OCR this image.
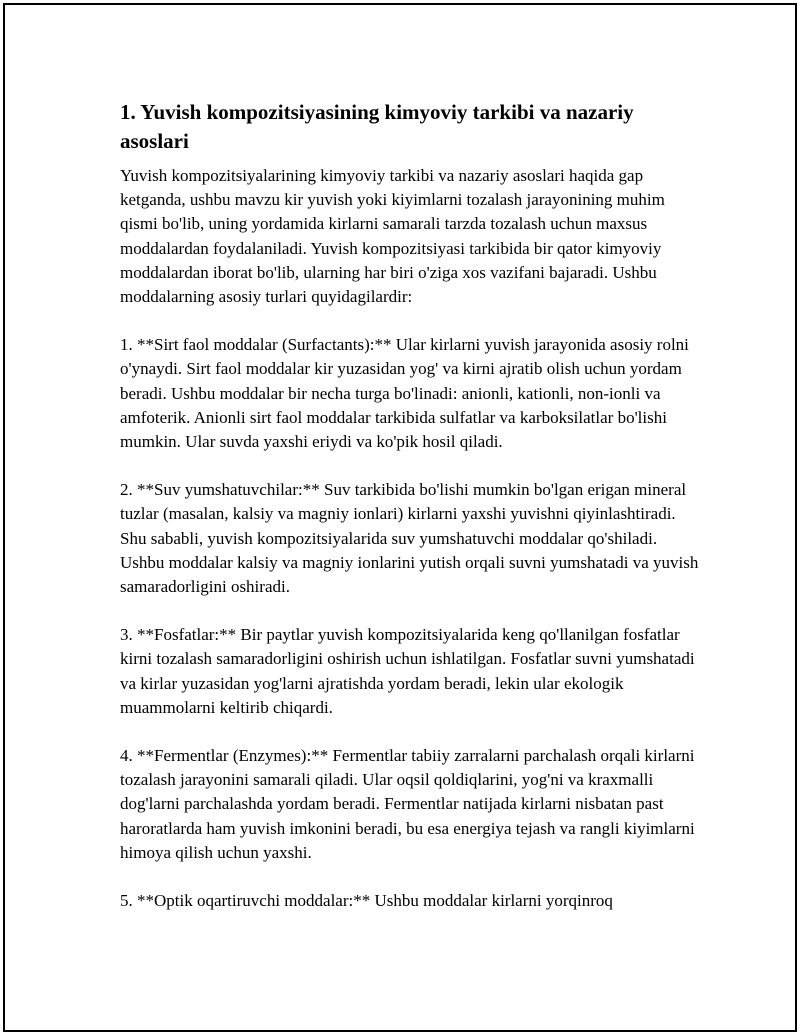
1. Yuvish kompozitsiyasining kimyoviy tarkibi va nazariy asoslari

Yuvish kompozitsiyalarining kimyoviy tarkibi va nazariy asoslari haqida gap ketganda, ushbu mavzu kir yuvish yoki kiyimlarni tozalash jarayonining muhim qismi bo'lib, uning yordamida kirlarni samarali tarzda tozalash uchun maxsus moddalardan foydalaniladi. Yuvish kompozitsiyasi tarkibida bir qator kimyoviy moddalardan iborat bo'lib, ularning har biri o'ziga xos vazifani bajaradi. Ushbu moddalarning asosiy turlari quyidagilardir:

1. **Sirt faol moddalar (Surfactants):** Ular kirlarni yuvish jarayonida asosiy rolni o'ynaydi. Sirt faol moddalar kir yuzasidan yog' va kirni ajratib olish uchun yordam beradi. Ushbu moddalar bir necha turga bo'linadi: anionli, kationli, non-ionli va amfoterik. Anionli sirt faol moddalar tarkibida sulfatlar va karboksilatlar bo'lishi mumkin. Ular suvda yaxshi eriydi va ko'pik hosil qiladi.

2. **Suv yumshatuvchilar:** Suv tarkibida bo'lishi mumkin bo'lgan erigan mineral tuzlar (masalan, kalsiy va magniy ionlari) kirlarni yaxshi yuvishni qiyinlashtiradi. Shu sababli, yuvish kompozitsiyalarida suv yumshatuvchi moddalar qo'shiladi. Ushbu moddalar kalsiy va magniy ionlarini yutish orqali suvni yumshatadi va yuvish samaradorligini oshiradi.

3. **Fosfatlar:** Bir paytlar yuvish kompozitsiyalarida keng qo'llanilgan fosfatlar kirni tozalash samaradorligini oshirish uchun ishlatilgan. Fosfatlar suvni yumshatadi va kirlar yuzasidan yog'larni ajratishda yordam beradi, lekin ular ekologik muammolarni keltirib chiqardi.

4. **Fermentlar (Enzymes):** Fermentlar tabiiy zarralarni parchalash orqali kirlarni tozalash jarayonini samarali qiladi. Ular oqsil qoldiqlarini, yog'ni va kraxmalli dog'larni parchalashda yordam beradi. Fermentlar natijada kirlarni nisbatan past haroratlarda ham yuvish imkonini beradi, bu esa energiya tejash va rangli kiyimlarni himoya qilish uchun yaxshi.

5. **Optik oqartiruvchi moddalar:** Ushbu moddalar kirlarni yorqinroq
